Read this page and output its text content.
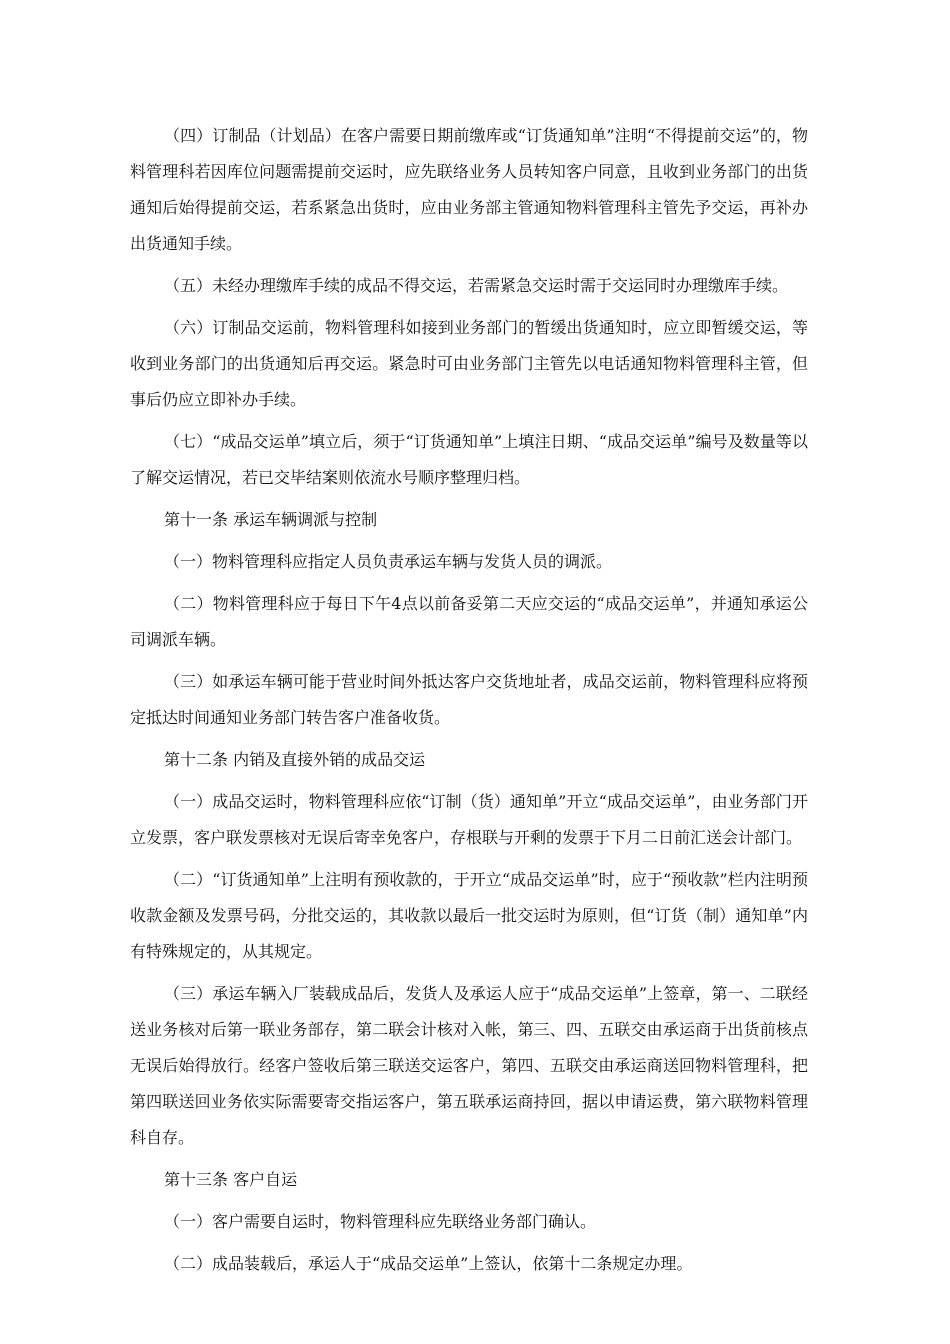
（四）订制品（计划品）在客户需要日期前缴库或“订货通知单”注明“不得提前交运”的，物料管理科若因库位问题需提前交运时，应先联络业务人员转知客户同意，且收到业务部门的出货通知后始得提前交运，若系紧急出货时，应由业务部主管通知物料管理科主管先予交运，再补办出货通知手续。

（五）未经办理缴库手续的成品不得交运，若需紧急交运时需于交运同时办理缴库手续。

（六）订制品交运前，物料管理科如接到业务部门的暂缓出货通知时，应立即暂缓交运，等收到业务部门的出货通知后再交运。紧急时可由业务部门主管先以电话通知物料管理科主管，但事后仍应立即补办手续。

（七）“成品交运单”填立后，须于“订货通知单”上填注日期、“成品交运单”编号及数量等以了解交运情况，若已交毕结案则依流水号顺序整理归档。

第十一条 承运车辆调派与控制

（一）物料管理科应指定人员负责承运车辆与发货人员的调派。

（二）物料管理科应于每日下午4点以前备妥第二天应交运的“成品交运单”，并通知承运公司调派车辆。

（三）如承运车辆可能于营业时间外抵达客户交货地址者，成品交运前，物料管理科应将预定抵达时间通知业务部门转告客户准备收货。

第十二条 内销及直接外销的成品交运

（一）成品交运时，物料管理科应依“订制（货）通知单”开立“成品交运单”，由业务部门开立发票，客户联发票核对无误后寄幸免客户，存根联与开剩的发票于下月二日前汇送会计部门。

（二）“订货通知单”上注明有预收款的，于开立“成品交运单”时，应于“预收款”栏内注明预收款金额及发票号码，分批交运的，其收款以最后一批交运时为原则，但“订货（制）通知单”内有特殊规定的，从其规定。

（三）承运车辆入厂装载成品后，发货人及承运人应于“成品交运单”上签章，第一、二联经送业务核对后第一联业务部存，第二联会计核对入帐，第三、四、五联交由承运商于出货前核点无误后始得放行。经客户签收后第三联送交运客户，第四、五联交由承运商送回物料管理科，把第四联送回业务依实际需要寄交指运客户，第五联承运商持回，据以申请运费，第六联物料管理科自存。

第十三条 客户自运

（一）客户需要自运时，物料管理科应先联络业务部门确认。

（二）成品装载后，承运人于“成品交运单”上签认，依第十二条规定办理。
